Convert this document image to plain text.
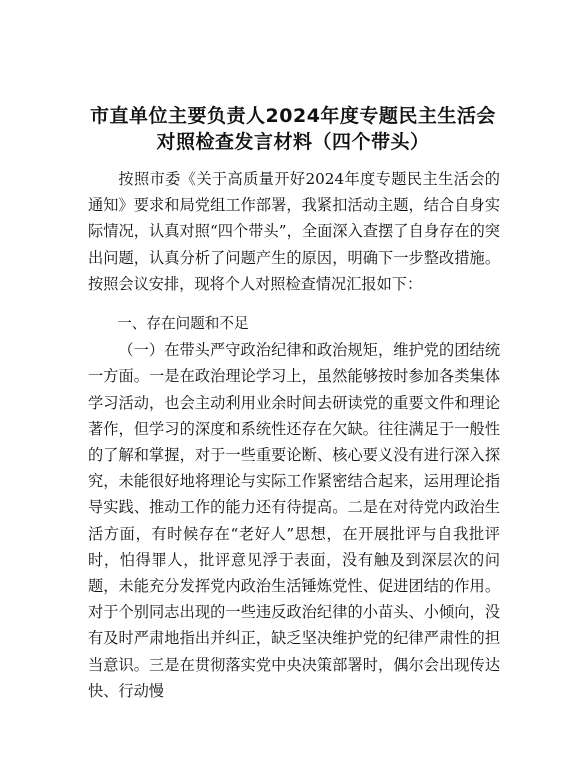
市直单位主要负责人2024年度专题民主生活会
对照检查发言材料（四个带头）

按照市委《关于高质量开好2024年度专题民主生活会的通知》要求和局党组工作部署，我紧扣活动主题，结合自身实际情况，认真对照“四个带头”，全面深入查摆了自身存在的突出问题，认真分析了问题产生的原因，明确下一步整改措施。按照会议安排，现将个人对照检查情况汇报如下：

一、存在问题和不足

（一）在带头严守政治纪律和政治规矩，维护党的团结统一方面。一是在政治理论学习上，虽然能够按时参加各类集体学习活动，也会主动利用业余时间去研读党的重要文件和理论著作，但学习的深度和系统性还存在欠缺。往往满足于一般性的了解和掌握，对于一些重要论断、核心要义没有进行深入探究，未能很好地将理论与实际工作紧密结合起来，运用理论指导实践、推动工作的能力还有待提高。二是在对待党内政治生活方面，有时候存在“老好人”思想，在开展批评与自我批评时，怕得罪人，批评意见浮于表面，没有触及到深层次的问题，未能充分发挥党内政治生活锤炼党性、促进团结的作用。对于个别同志出现的一些违反政治纪律的小苗头、小倾向，没有及时严肃地指出并纠正，缺乏坚决维护党的纪律严肃性的担当意识。三是在贯彻落实党中央决策部署时，偶尔会出现传达快、行动慢
